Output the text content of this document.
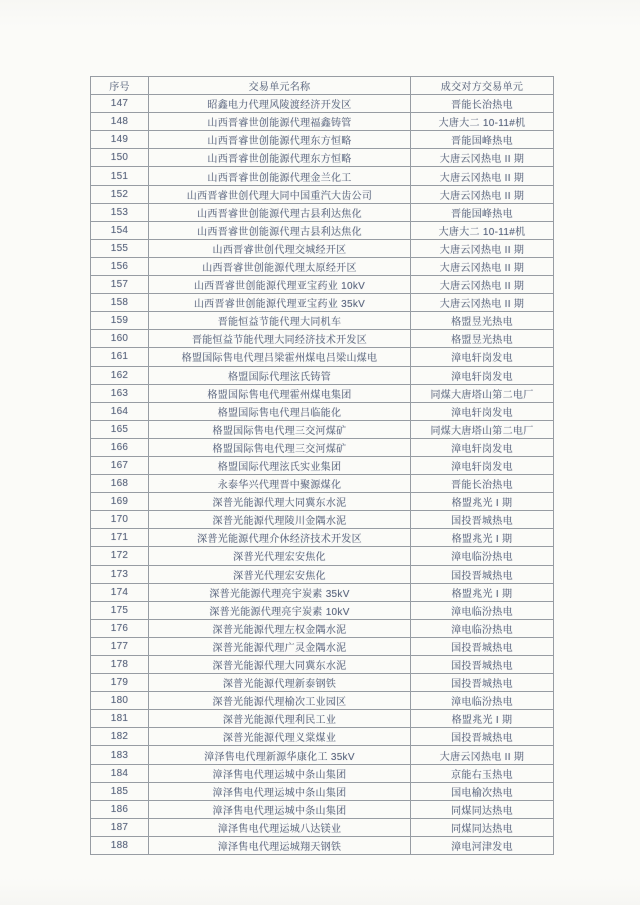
序号	交易单元名称	成交对方交易单元
147	昭鑫电力代理风陵渡经济开发区	晋能长治热电
148	山西晋睿世创能源代理福鑫铸管	大唐大二 10-11#机
149	山西晋睿世创能源代理东方恒略	晋能国峰热电
150	山西晋睿世创能源代理东方恒略	大唐云冈热电 II 期
151	山西晋睿世创能源代理金兰化工	大唐云冈热电 II 期
152	山西晋睿世创代理大同中国重汽大齿公司	大唐云冈热电 II 期
153	山西晋睿世创能源代理古县利达焦化	晋能国峰热电
154	山西晋睿世创能源代理古县利达焦化	大唐大二 10-11#机
155	山西晋睿世创代理交城经开区	大唐云冈热电 II 期
156	山西晋睿世创能源代理太原经开区	大唐云冈热电 II 期
157	山西晋睿世创能源代理亚宝药业 10kV	大唐云冈热电 II 期
158	山西晋睿世创能源代理亚宝药业 35kV	大唐云冈热电 II 期
159	晋能恒益节能代理大同机车	格盟昱光热电
160	晋能恒益节能代理大同经济技术开发区	格盟昱光热电
161	格盟国际售电代理吕梁霍州煤电吕梁山煤电	漳电轩岗发电
162	格盟国际代理泫氏铸管	漳电轩岗发电
163	格盟国际售电代理霍州煤电集团	同煤大唐塔山第二电厂
164	格盟国际售电代理吕临能化	漳电轩岗发电
165	格盟国际售电代理三交河煤矿	同煤大唐塔山第二电厂
166	格盟国际售电代理三交河煤矿	漳电轩岗发电
167	格盟国际代理泫氏实业集团	漳电轩岗发电
168	永泰华兴代理晋中聚源煤化	晋能长治热电
169	深普光能源代理大同冀东水泥	格盟兆光 I 期
170	深普光能源代理陵川金隅水泥	国投晋城热电
171	深普光能源代理介休经济技术开发区	格盟兆光 I 期
172	深普光代理宏安焦化	漳电临汾热电
173	深普光代理宏安焦化	国投晋城热电
174	深普光能源代理亮宇炭素 35kV	格盟兆光 I 期
175	深普光能源代理亮宇炭素 10kV	漳电临汾热电
176	深普光能源代理左权金隅水泥	漳电临汾热电
177	深普光能源代理广灵金隅水泥	国投晋城热电
178	深普光能源代理大同冀东水泥	国投晋城热电
179	深普光能源代理新泰钢铁	国投晋城热电
180	深普光能源代理榆次工业园区	漳电临汾热电
181	深普光能源代理利民工业	格盟兆光 I 期
182	深普光能源代理义棠煤业	国投晋城热电
183	漳泽售电代理新源华康化工 35kV	大唐云冈热电 II 期
184	漳泽售电代理运城中条山集团	京能右玉热电
185	漳泽售电代理运城中条山集团	国电榆次热电
186	漳泽售电代理运城中条山集团	同煤同达热电
187	漳泽售电代理运城八达镁业	同煤同达热电
188	漳泽售电代理运城翔天钢铁	漳电河津发电
